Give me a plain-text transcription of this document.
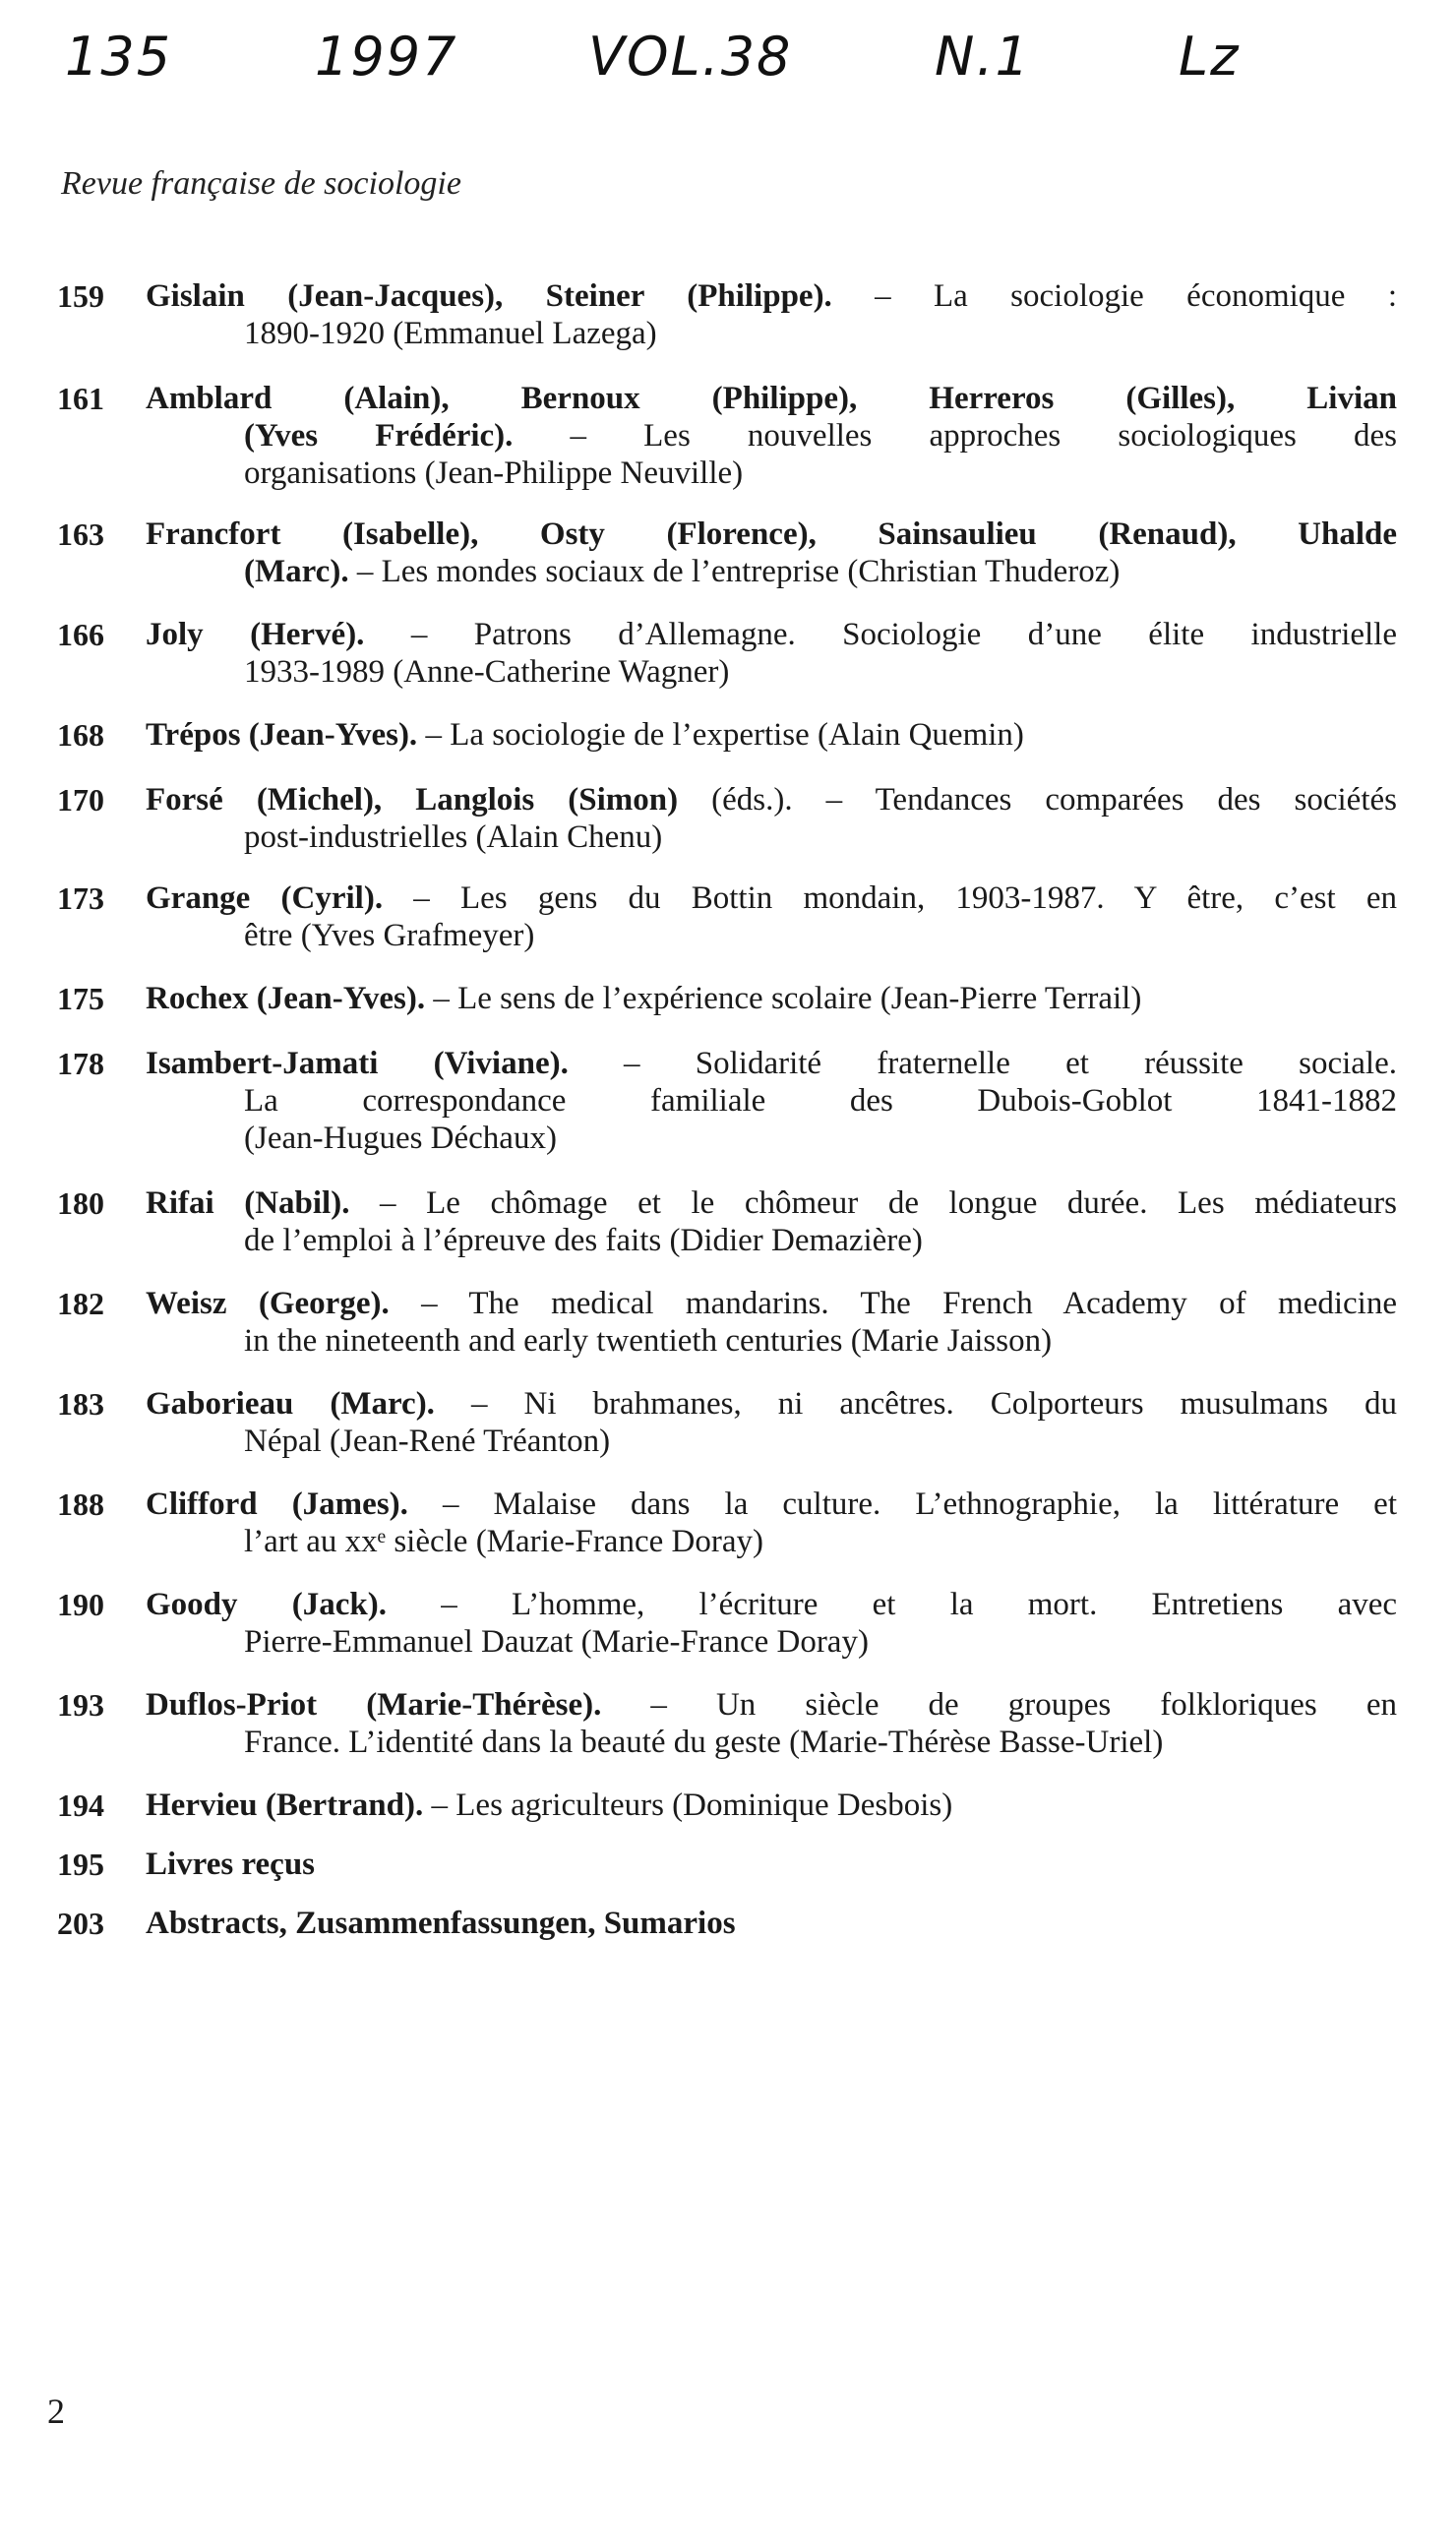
135	1997 VOL.38	N.1	Lz
Revue française de sociologie
159	Gislain (Jean-Jacques), Steiner (Philippe). – La sociologie économique :
1890-1920 (Emmanuel Lazega)
161	Amblard (Alain), Bernoux (Philippe), Herreros (Gilles), Livian
(Yves Frédéric). – Les nouvelles approches sociologiques des
organisations (Jean-Philippe Neuville)
163	Francfort (Isabelle), Osty (Florence), Sainsaulieu (Renaud), Uhalde
(Marc). – Les mondes sociaux de l’entreprise (Christian Thuderoz)
166	Joly (Hervé). – Patrons d’Allemagne. Sociologie d’une élite industrielle
1933-1989 (Anne-Catherine Wagner)
168	Trépos (Jean-Yves). – La sociologie de l’expertise (Alain Quemin)
170	Forsé (Michel), Langlois (Simon) (éds.). – Tendances comparées des sociétés
post-industrielles (Alain Chenu)
173	Grange (Cyril). – Les gens du Bottin mondain, 1903-1987. Y être, c’est en
être (Yves Grafmeyer)
175	Rochex (Jean-Yves). – Le sens de l’expérience scolaire (Jean-Pierre Terrail)
178	Isambert-Jamati (Viviane). – Solidarité fraternelle et réussite sociale.
La correspondance familiale des Dubois-Goblot 1841-1882
(Jean-Hugues Déchaux)
180	Rifai (Nabil). – Le chômage et le chômeur de longue durée. Les médiateurs
de l’emploi à l’épreuve des faits (Didier Demazière)
182	Weisz (George). – The medical mandarins. The French Academy of medicine
in the nineteenth and early twentieth centuries (Marie Jaisson)
183	Gaborieau (Marc). – Ni brahmanes, ni ancêtres. Colporteurs musulmans du
Népal (Jean-René Tréanton)
188	Clifford (James). – Malaise dans la culture. L’ethnographie, la littérature et
l’art au xxᵉ siècle (Marie-France Doray)
190	Goody (Jack). – L’homme, l’écriture et la mort. Entretiens avec
Pierre-Emmanuel Dauzat (Marie-France Doray)
193	Duflos-Priot (Marie-Thérèse). – Un siècle de groupes folkloriques en
France. L’identité dans la beauté du geste (Marie-Thérèse Basse-Uriel)
194	Hervieu (Bertrand). – Les agriculteurs (Dominique Desbois)
195	Livres reçus
203	Abstracts, Zusammenfassungen, Sumarios
2
